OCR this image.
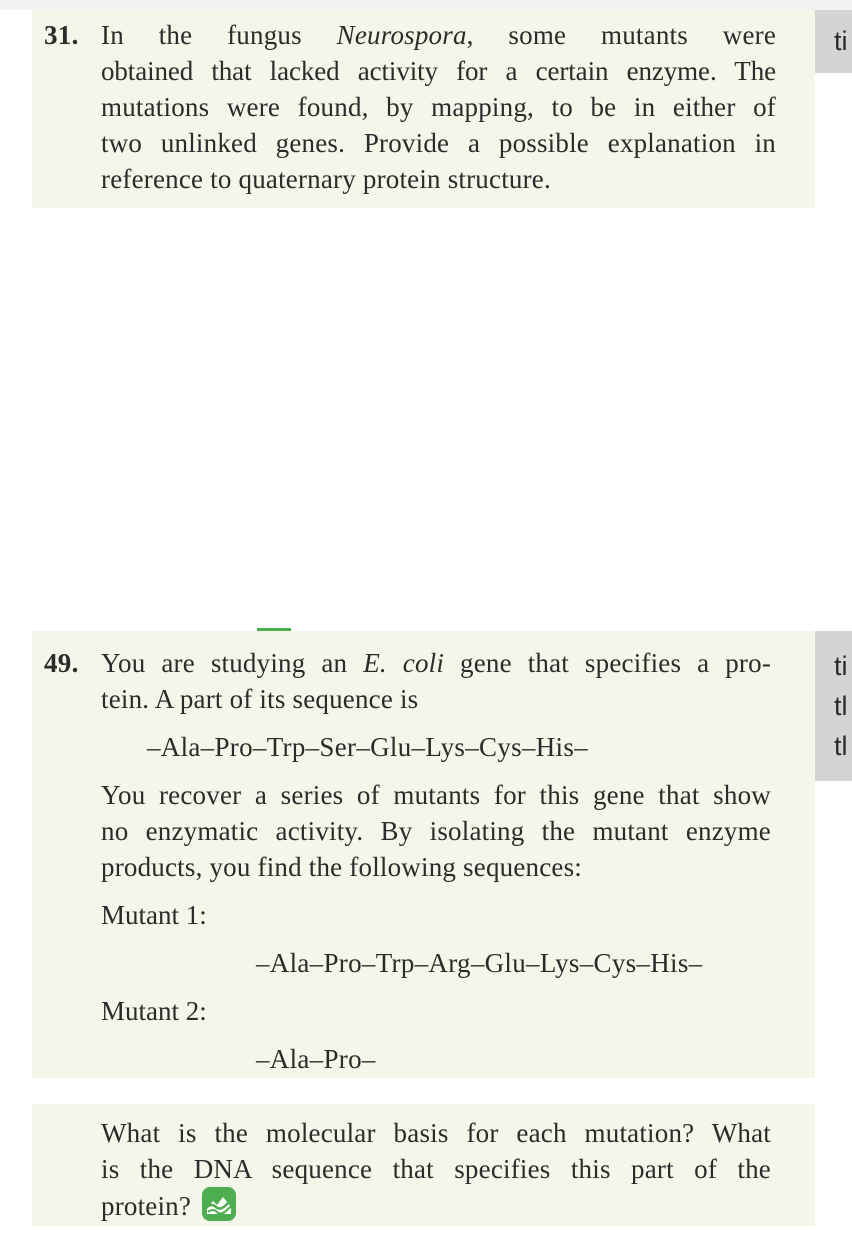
ti
31. In the fungus Neurospora, some mutants were
obtained that lacked activity for a certain enzyme. The
mutations were found, by mapping, to be in either of
two unlinked genes. Provide a possible explanation in
reference to quaternary protein structure.
ti
tl
tl
49. You are studying an E. coli gene that specifies a pro-
tein. A part of its sequence is
–Ala–Pro–Trp–Ser–Glu–Lys–Cys–His–
You recover a series of mutants for this gene that show
no enzymatic activity. By isolating the mutant enzyme
products, you find the following sequences:
Mutant 1:
–Ala–Pro–Trp–Arg–Glu–Lys–Cys–His–
Mutant 2:
–Ala–Pro–
What is the molecular basis for each mutation? What
is the DNA sequence that specifies this part of the
protein?
